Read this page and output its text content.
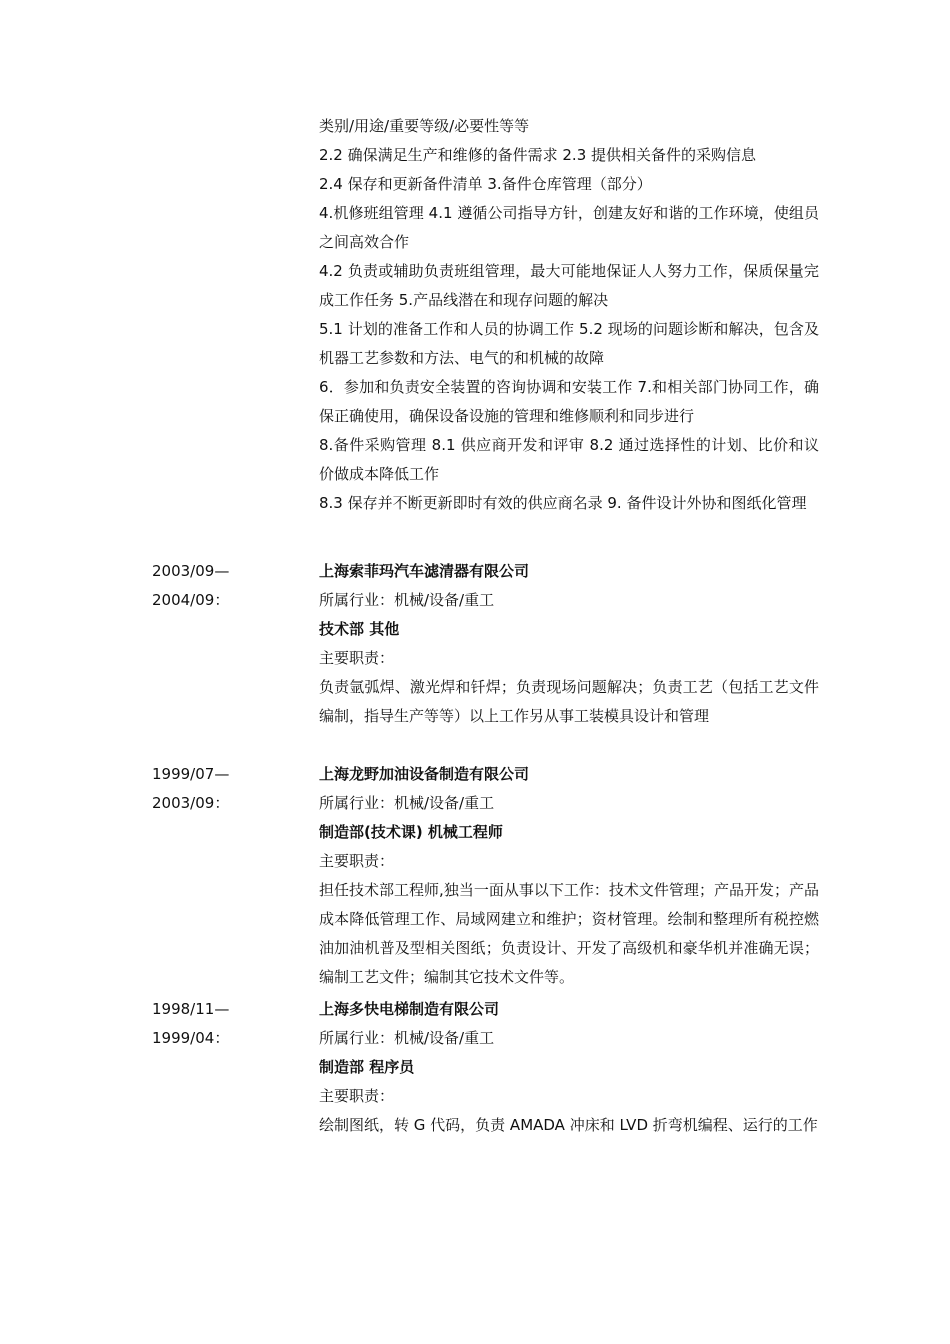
类别/用途/重要等级/必要性等等

2.2 确保满足生产和维修的备件需求 2.3 提供相关备件的采购信息

2.4 保存和更新备件清单 3.备件仓库管理（部分）

4.机修班组管理 4.1 遵循公司指导方针，创建友好和谐的工作环境，使组员之间高效合作

4.2 负责或辅助负责班组管理，最大可能地保证人人努力工作，保质保量完成工作任务 5.产品线潜在和现存问题的解决

5.1 计划的准备工作和人员的协调工作 5.2 现场的问题诊断和解决，包含及机器工艺参数和方法、电气的和机械的故障

6．参加和负责安全装置的咨询协调和安装工作 7.和相关部门协同工作，确保正确使用，确保设备设施的管理和维修顺利和同步进行

8.备件采购管理 8.1 供应商开发和评审 8.2 通过选择性的计划、比价和议价做成本降低工作

8.3 保存并不断更新即时有效的供应商名录 9. 备件设计外协和图纸化管理

2003/09—

2004/09：

上海索菲玛汽车滤清器有限公司

所属行业：机械/设备/重工

技术部 其他

主要职责：

负责氩弧焊、激光焊和钎焊；负责现场问题解决；负责工艺（包括工艺文件编制，指导生产等等）以上工作另从事工装模具设计和管理

1999/07—

2003/09：

上海龙野加油设备制造有限公司

所属行业：机械/设备/重工

制造部(技术课) 机械工程师

主要职责：

担任技术部工程师,独当一面从事以下工作：技术文件管理；产品开发；产品成本降低管理工作、局域网建立和维护；资材管理。绘制和整理所有税控燃油加油机普及型相关图纸；负责设计、开发了高级机和豪华机并准确无误；编制工艺文件；编制其它技术文件等。

1998/11—

1999/04：

上海多快电梯制造有限公司

所属行业：机械/设备/重工

制造部 程序员

主要职责：

绘制图纸，转 G 代码，负责 AMADA 冲床和 LVD 折弯机编程、运行的工作
